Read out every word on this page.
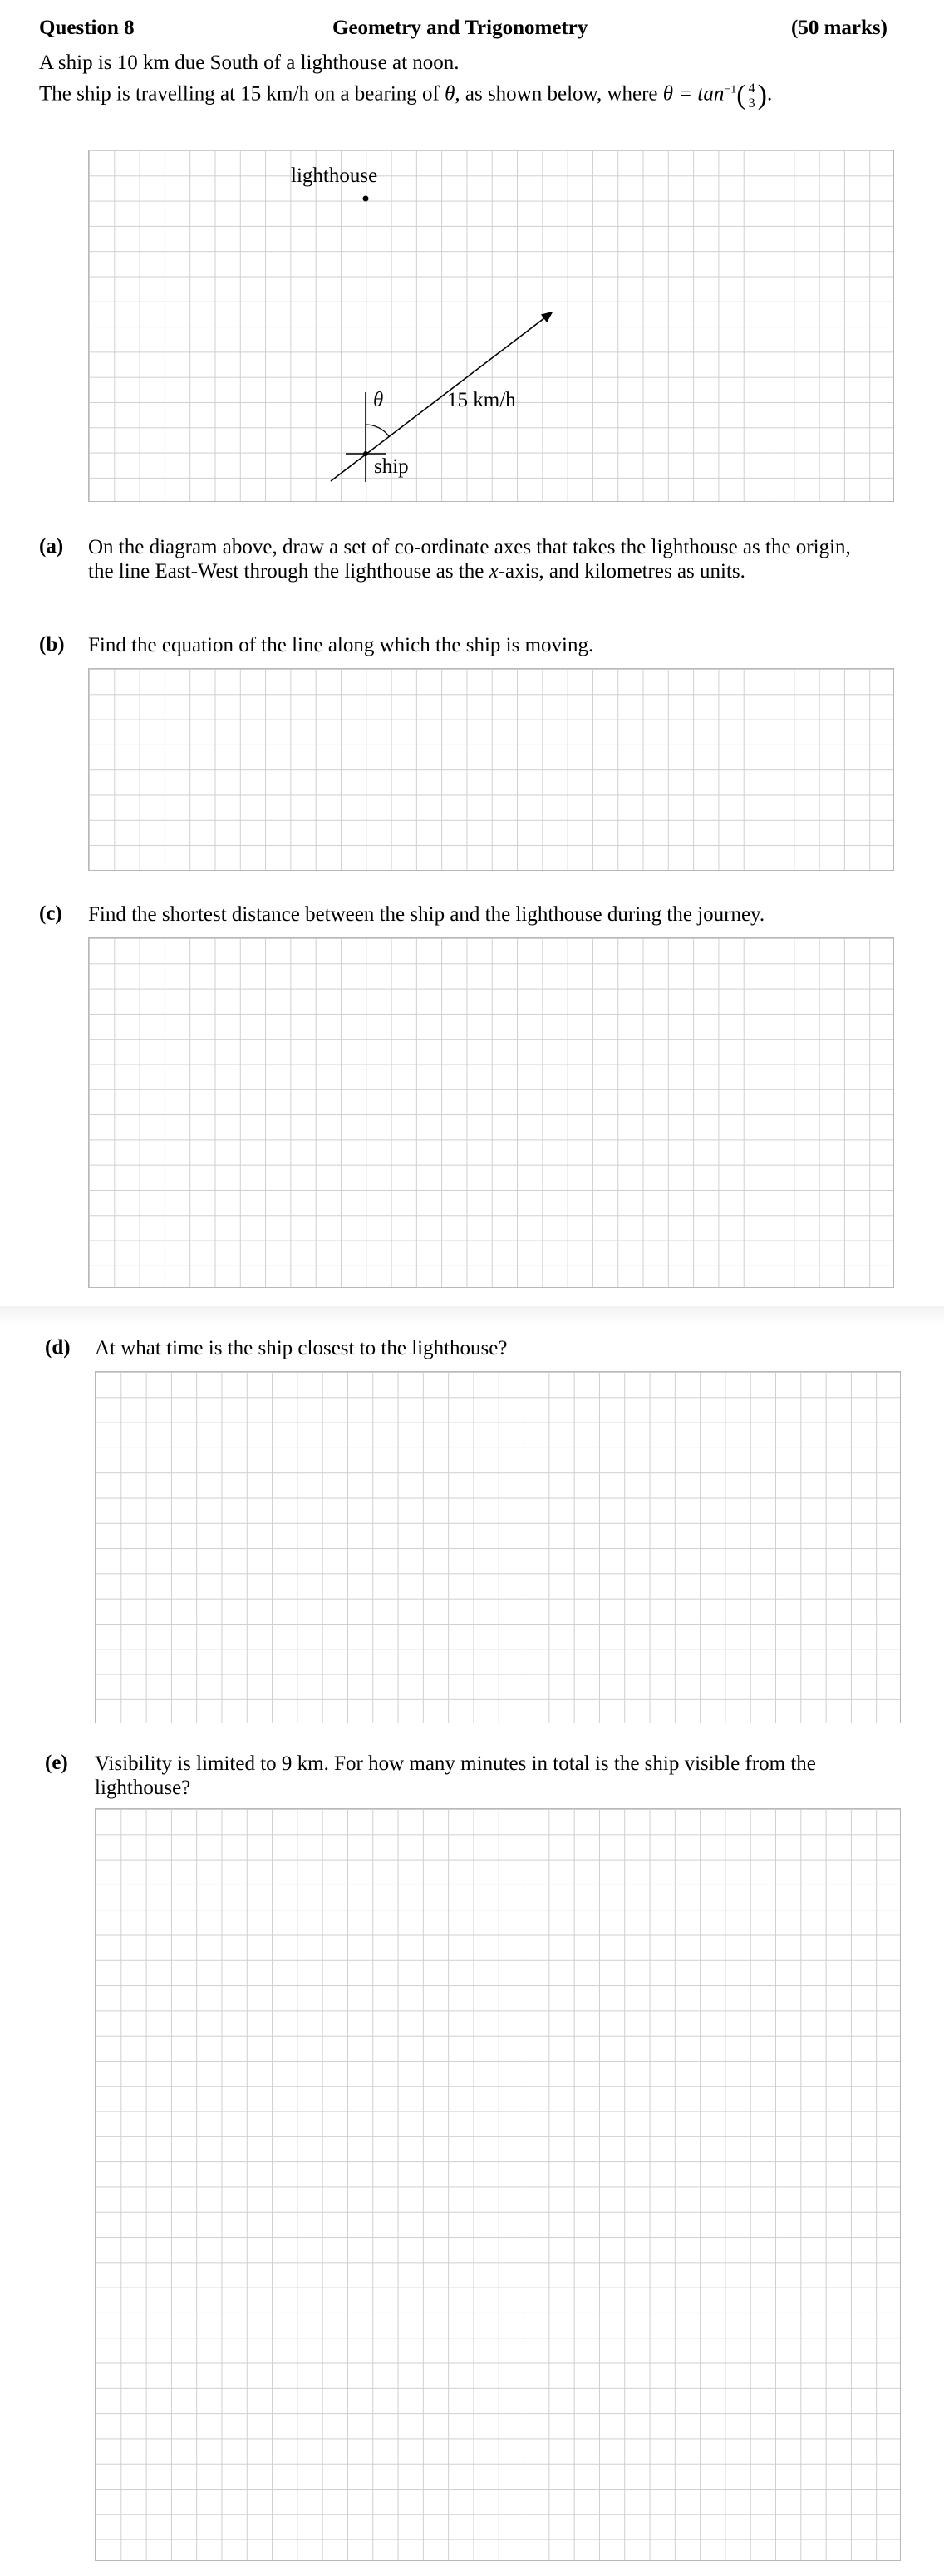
Question 8	Geometry and Trigonometry	(50 marks)
A ship is 10 km due South of a lighthouse at noon.
The ship is travelling at 15 km/h on a bearing of θ, as shown below, where $\theta = \tan^{-1}( \frac{4}{3}$ ).
lighthouse
θ	15 km/h
ship
(a) On the diagram above, draw a set of co-ordinate axes that takes the lighthouse as the origin,
the line East-West through the lighthouse as the x-axis, and kilometres as units.
(b) Find the equation of the line along which the ship is moving.
(c) Find the shortest distance between the ship and the lighthouse during the journey.
(d) At what time is the ship closest to the lighthouse?
(e) Visibility is limited to 9 km. For how many minutes in total is the ship visible from the
lighthouse?
